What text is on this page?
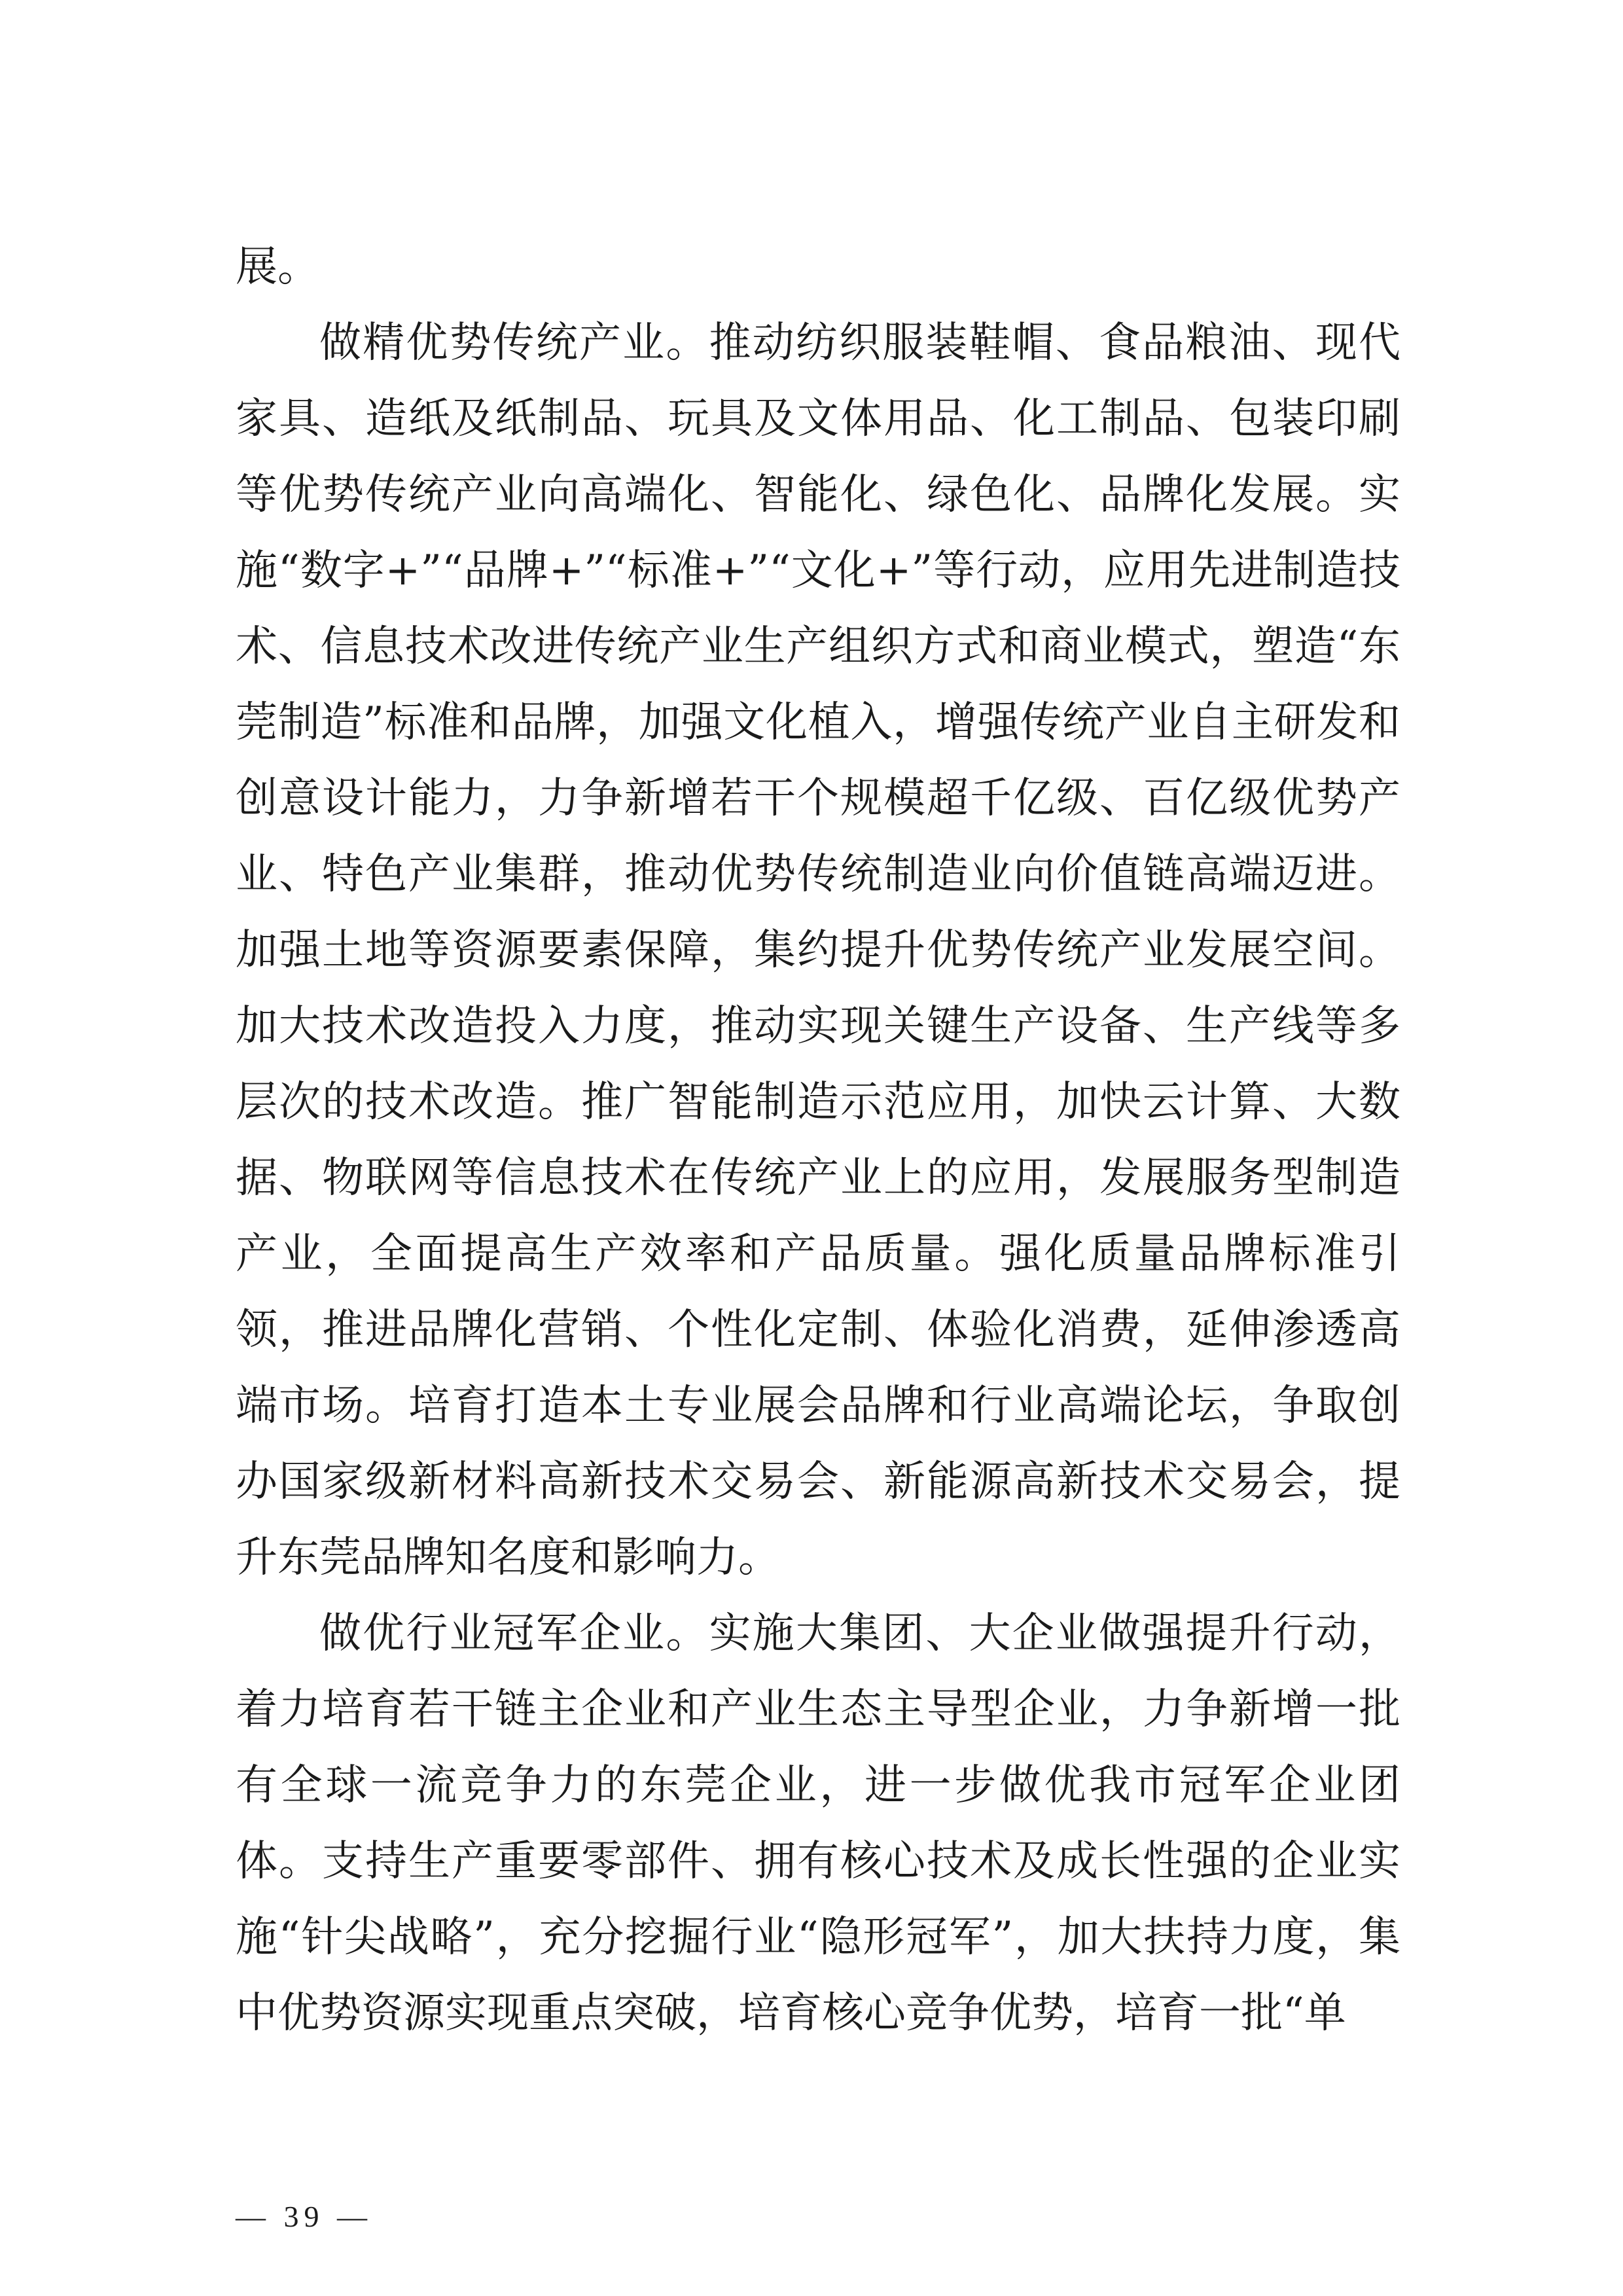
展。

做精优势传统产业。推动纺织服装鞋帽、食品粮油、现代家具、造纸及纸制品、玩具及文体用品、化工制品、包装印刷等优势传统产业向高端化、智能化、绿色化、品牌化发展。实施“数字+”“品牌+”“标准+”“文化+”等行动，应用先进制造技术、信息技术改进传统产业生产组织方式和商业模式，塑造“东莞制造”标准和品牌，加强文化植入，增强传统产业自主研发和创意设计能力，力争新增若干个规模超千亿级、百亿级优势产业、特色产业集群，推动优势传统制造业向价值链高端迈进。加强土地等资源要素保障，集约提升优势传统产业发展空间。加大技术改造投入力度，推动实现关键生产设备、生产线等多层次的技术改造。推广智能制造示范应用，加快云计算、大数据、物联网等信息技术在传统产业上的应用，发展服务型制造产业，全面提高生产效率和产品质量。强化质量品牌标准引领，推进品牌化营销、个性化定制、体验化消费，延伸渗透高端市场。培育打造本土专业展会品牌和行业高端论坛，争取创办国家级新材料高新技术交易会、新能源高新技术交易会，提升东莞品牌知名度和影响力。

做优行业冠军企业。实施大集团、大企业做强提升行动，着力培育若干链主企业和产业生态主导型企业，力争新增一批有全球一流竞争力的东莞企业，进一步做优我市冠军企业团体。支持生产重要零部件、拥有核心技术及成长性强的企业实施“针尖战略”，充分挖掘行业“隐形冠军”，加大扶持力度，集中优势资源实现重点突破，培育核心竞争优势，培育一批“单

— 39 —
